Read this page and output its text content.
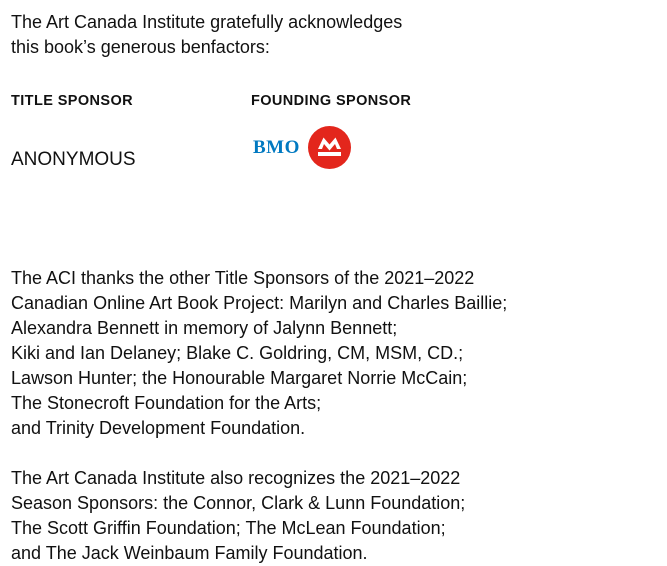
The Art Canada Institute gratefully acknowledges
this book’s generous benfactors:

TITLE SPONSOR

ANONYMOUS

FOUNDING SPONSOR

BMO

The ACI thanks the other Title Sponsors of the 2021–2022
Canadian Online Art Book Project: Marilyn and Charles Baillie;
Alexandra Bennett in memory of Jalynn Bennett;
Kiki and Ian Delaney; Blake C. Goldring, CM, MSM, CD.;
Lawson Hunter; the Honourable Margaret Norrie McCain;
The Stonecroft Foundation for the Arts;
and Trinity Development Foundation.

The Art Canada Institute also recognizes the 2021–2022
Season Sponsors: the Connor, Clark & Lunn Foundation;
The Scott Griffin Foundation; The McLean Foundation;
and The Jack Weinbaum Family Foundation.
